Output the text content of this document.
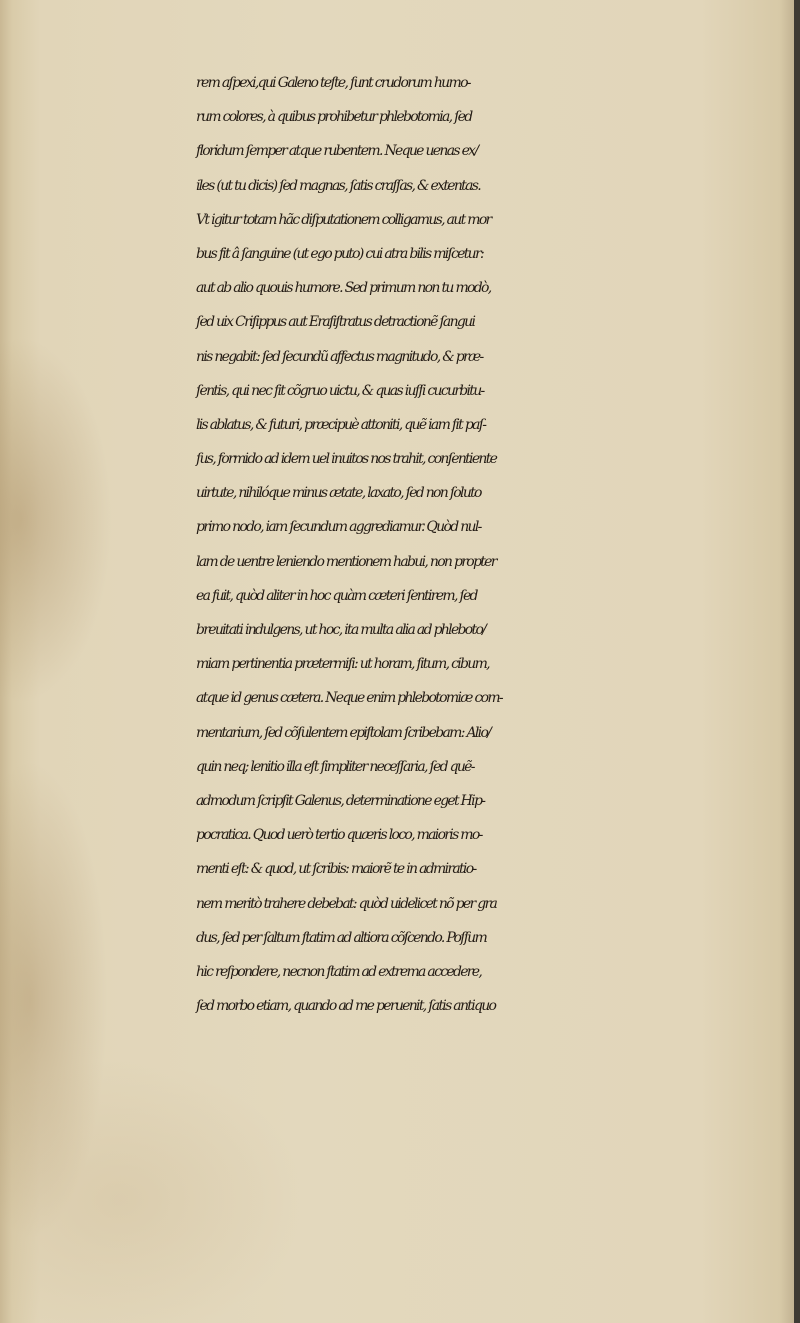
rem aſpexi,qui Galeno teſte, ſunt crudorum humo-
rum colores, à quibus prohibetur phlebotomia, ſed
floridum ſemper atque rubentem. Neque uenas ex/
iles (ut tu dicis) ſed magnas, ſatis craſſas, & extentas.
Vt igitur totam hãc diſputationem colligamus, aut mor
bus fit â ſanguine (ut ego puto) cui atra bilis miſcetur:
aut ab alio quouis humore. Sed primum non tu modò,
ſed uix Criſippus aut Eraſiſtratus detractionẽ ſangui
nis negabit: ſed ſecundũ affectus magnitudo, & præ-
ſentis, qui nec ſit cõgruo uictu, & quas iuſſi cucurbitu-
lis ablatus, & futuri, præcipuè attoniti, quẽ iam ſit paſ-
ſus, formido ad idem uel inuitos nos trahit, conſentiente
uirtute, nihilóque minus ætate, laxato, ſed non ſoluto
primo nodo, iam ſecundum aggrediamur. Quòd nul-
lam de uentre leniendo mentionem habui, non propter
ea fuit, quòd aliter in hoc quàm cæteri ſentirem, ſed
breuitati indulgens, ut hoc, ita multa alia ad phleboto/
miam pertinentia prætermiſi: ut horam, ſitum, cibum,
atque id genus cætera. Neque enim phlebotomiæ com-
mentarium, ſed cõſulentem epiſtolam ſcribebam: Alio/
quin neq; lenitio illa eſt ſimpliter neceſſaria, ſed quẽ-
admodum ſcripſit Galenus, determinatione eget Hip-
pocratica. Quod uerò tertio quæris loco, maioris mo-
menti eſt: & quod, ut ſcribis: maiorẽ te in admiratio-
nem meritò trahere debebat: quòd uidelicet nõ per gra
dus, ſed per ſaltum ſtatim ad altiora cõſcendo. Poſſum
hic reſpondere, necnon ſtatim ad extrema accedere,
ſed morbo etiam, quando ad me peruenit, ſatis antiquo
